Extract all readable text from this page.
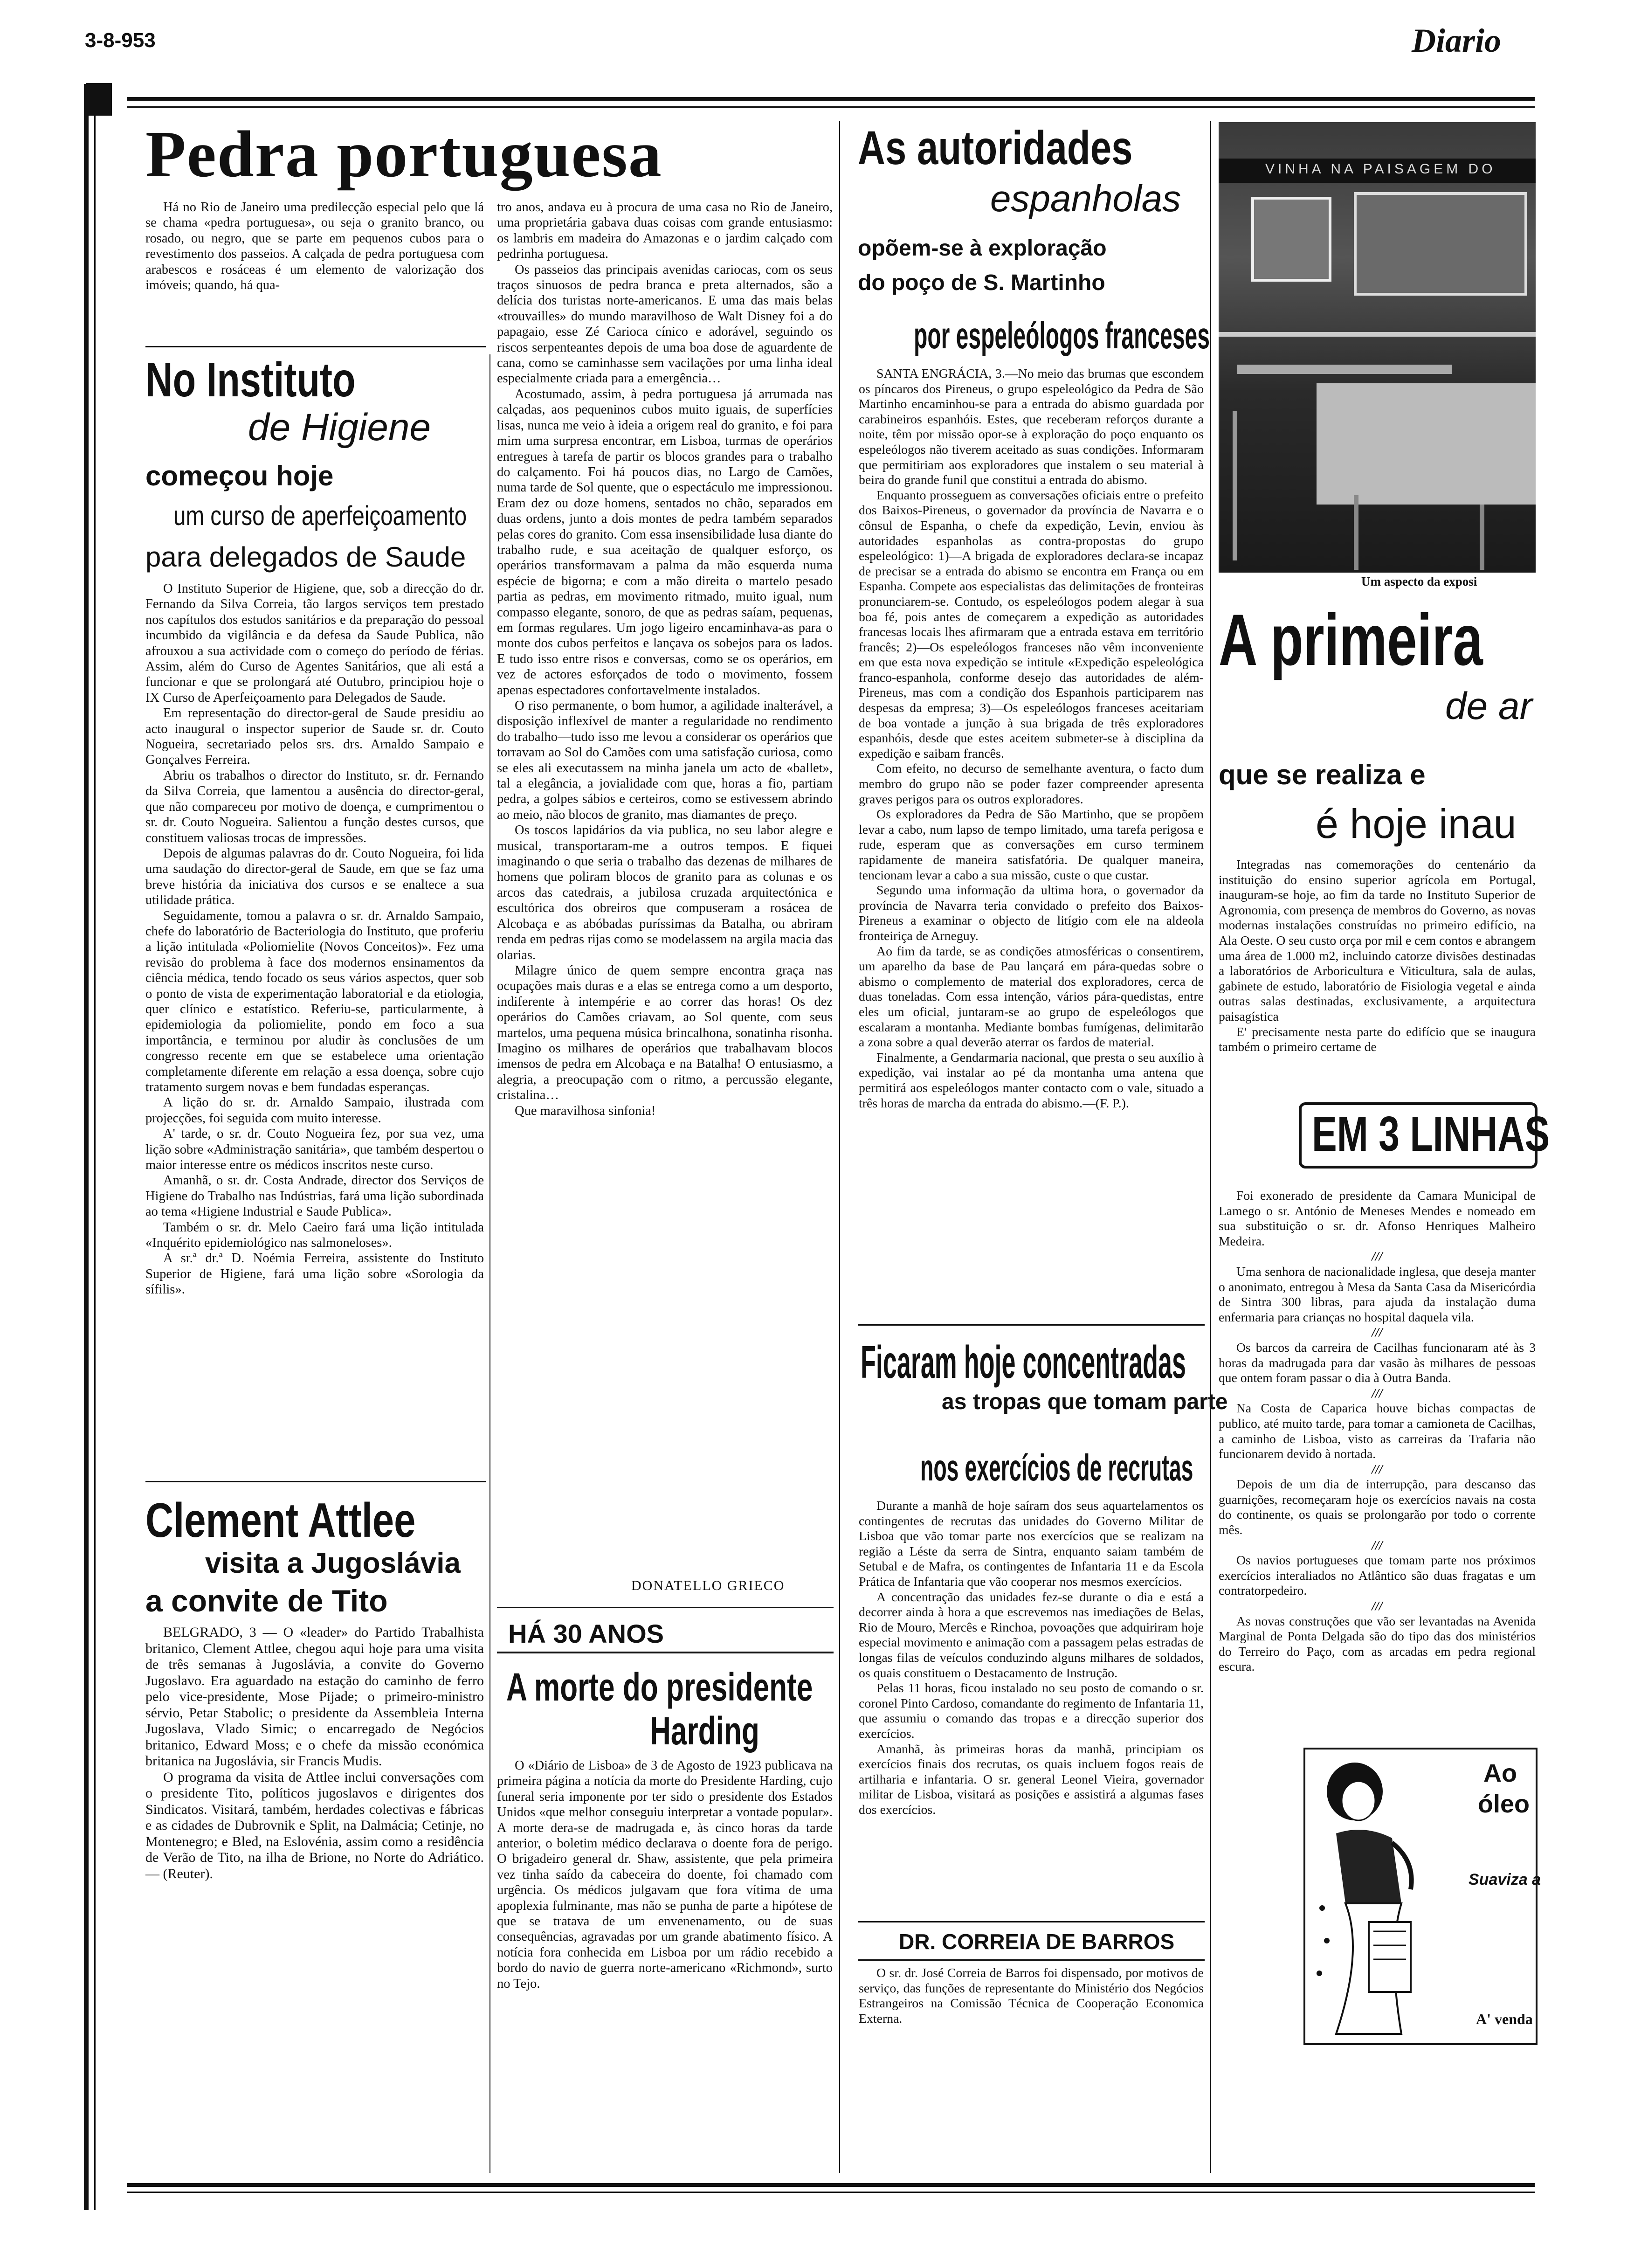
3-8-953	Diario
Pedra portuguesa

Há no Rio de Janeiro uma predilecção especial pelo que lá se chama «pedra portuguesa», ou seja o granito branco, ou rosado, ou negro, que se parte em pequenos cubos para o revestimento dos passeios. A calçada de pedra portuguesa com arabescos e rosáceas é um elemento de valorização dos imóveis; quando, há qua-

tro anos, andava eu à procura de uma casa no Rio de Janeiro, uma proprietária gabava duas coisas com grande entusiasmo: os lambris em madeira do Amazonas e o jardim calçado com pedrinha portuguesa.

Os passeios das principais avenidas cariocas, com os seus traços sinuosos de pedra branca e preta alternados, são a delícia dos turistas norte-americanos. E uma das mais belas «trouvailles» do mundo maravilhoso de Walt Disney foi a do papagaio, esse Zé Carioca cínico e adorável, seguindo os riscos serpenteantes depois de uma boa dose de aguardente de cana, como se caminhasse sem vacilações por uma linha ideal especialmente criada para a emergência…

Acostumado, assim, à pedra portuguesa já arrumada nas calçadas, aos pequeninos cubos muito iguais, de superfícies lisas, nunca me veio à ideia a origem real do granito, e foi para mim uma surpresa encontrar, em Lisboa, turmas de operários entregues à tarefa de partir os blocos grandes para o trabalho do calçamento. Foi há poucos dias, no Largo de Camões, numa tarde de Sol quente, que o espectáculo me impressionou. Eram dez ou doze homens, sentados no chão, separados em duas ordens, junto a dois montes de pedra também separados pelas cores do granito. Com essa insensibilidade lusa diante do trabalho rude, e sua aceitação de qualquer esforço, os operários transformavam a palma da mão esquerda numa espécie de bigorna; e com a mão direita o martelo pesado partia as pedras, em movimento ritmado, muito igual, num compasso elegante, sonoro, de que as pedras saíam, pequenas, em formas regulares. Um jogo ligeiro encaminhava-as para o monte dos cubos perfeitos e lançava os sobejos para os lados. E tudo isso entre risos e conversas, como se os operários, em vez de actores esforçados de todo o movimento, fossem apenas espectadores confortavelmente instalados.

O riso permanente, o bom humor, a agilidade inalterável, a disposição inflexível de manter a regularidade no rendimento do trabalho—tudo isso me levou a considerar os operários que torravam ao Sol do Camões com uma satisfação curiosa, como se eles ali executassem na minha janela um acto de «ballet», tal a elegância, a jovialidade com que, horas a fio, partiam pedra, a golpes sábios e certeiros, como se estivessem abrindo ao meio, não blocos de granito, mas diamantes de preço.

Os toscos lapidários da via publica, no seu labor alegre e musical, transportaram-me a outros tempos. E fiquei imaginando o que seria o trabalho das dezenas de milhares de homens que poliram blocos de granito para as colunas e os arcos das catedrais, a jubilosa cruzada arquitectónica e escultórica dos obreiros que compuseram a rosácea de Alcobaça e as abóbadas puríssimas da Batalha, ou abriram renda em pedras rijas como se modelassem na argila macia das olarias.

Milagre único de quem sempre encontra graça nas ocupações mais duras e a elas se entrega como a um desporto, indiferente à intempérie e ao correr das horas! Os dez operários do Camões criavam, ao Sol quente, com seus martelos, uma pequena música brincalhona, sonatinha risonha. Imagino os milhares de operários que trabalhavam blocos imensos de pedra em Alcobaça e na Batalha! O entusiasmo, a alegria, a preocupação com o ritmo, a percussão elegante, cristalina…

Que maravilhosa sinfonia!

DONATELLO GRIECO
No Instituto
de Higiene
começou hoje
um curso de aperfeiçoamento
para delegados de Saude

O Instituto Superior de Higiene, que, sob a direcção do dr. Fernando da Silva Correia, tão largos serviços tem prestado nos capítulos dos estudos sanitários e da preparação do pessoal incumbido da vigilância e da defesa da Saude Publica, não afrouxou a sua actividade com o começo do período de férias. Assim, além do Curso de Agentes Sanitários, que ali está a funcionar e que se prolongará até Outubro, principiou hoje o IX Curso de Aperfeiçoamento para Delegados de Saude.

Em representação do director-geral de Saude presidiu ao acto inaugural o inspector superior de Saude sr. dr. Couto Nogueira, secretariado pelos srs. drs. Arnaldo Sampaio e Gonçalves Ferreira.

Abriu os trabalhos o director do Instituto, sr. dr. Fernando da Silva Correia, que lamentou a ausência do director-geral, que não compareceu por motivo de doença, e cumprimentou o sr. dr. Couto Nogueira. Salientou a função destes cursos, que constituem valiosas trocas de impressões.

Depois de algumas palavras do dr. Couto Nogueira, foi lida uma saudação do director-geral de Saude, em que se faz uma breve história da iniciativa dos cursos e se enaltece a sua utilidade prática.

Seguidamente, tomou a palavra o sr. dr. Arnaldo Sampaio, chefe do laboratório de Bacteriologia do Instituto, que proferiu a lição intitulada «Poliomielite (Novos Conceitos)». Fez uma revisão do problema à face dos modernos ensinamentos da ciência médica, tendo focado os seus vários aspectos, quer sob o ponto de vista de experimentação laboratorial e da etiologia, quer clínico e estatístico. Referiu-se, particularmente, à epidemiologia da poliomielite, pondo em foco a sua importância, e terminou por aludir às conclusões de um congresso recente em que se estabelece uma orientação completamente diferente em relação a essa doença, sobre cujo tratamento surgem novas e bem fundadas esperanças.

A lição do sr. dr. Arnaldo Sampaio, ilustrada com projecções, foi seguida com muito interesse.

A' tarde, o sr. dr. Couto Nogueira fez, por sua vez, uma lição sobre «Administração sanitária», que também despertou o maior interesse entre os médicos inscritos neste curso.

Amanhã, o sr. dr. Costa Andrade, director dos Serviços de Higiene do Trabalho nas Indústrias, fará uma lição subordinada ao tema «Higiene Industrial e Saude Publica».

Também o sr. dr. Melo Caeiro fará uma lição intitulada «Inquérito epidemiológico nas salmoneloses».

A sr.ª dr.ª D. Noémia Ferreira, assistente do Instituto Superior de Higiene, fará uma lição sobre «Sorologia da sífilis».

Clement Attlee
visita a Jugoslávia
a convite de Tito

BELGRADO, 3 — O «leader» do Partido Trabalhista britanico, Clement Attlee, chegou aqui hoje para uma visita de três semanas à Jugoslávia, a convite do Governo Jugoslavo. Era aguardado na estação do caminho de ferro pelo vice-presidente, Mose Pijade; o primeiro-ministro sérvio, Petar Stabolic; o presidente da Assembleia Interna Jugoslava, Vlado Simic; o encarregado de Negócios britanico, Edward Moss; e o chefe da missão económica britanica na Jugoslávia, sir Francis Mudis.

O programa da visita de Attlee inclui conversações com o presidente Tito, políticos jugoslavos e dirigentes dos Sindicatos. Visitará, também, herdades colectivas e fábricas e as cidades de Dubrovnik e Split, na Dalmácia; Cetinje, no Montenegro; e Bled, na Eslovénia, assim como a residência de Verão de Tito, na ilha de Brione, no Norte do Adriático. — (Reuter).

HÁ 30 ANOS
A morte do presidente
Harding

O «Diário de Lisboa» de 3 de Agosto de 1923 publicava na primeira página a notícia da morte do Presidente Harding, cujo funeral seria imponente por ter sido o presidente dos Estados Unidos «que melhor conseguiu interpretar a vontade popular». A morte dera-se de madrugada e, às cinco horas da tarde anterior, o boletim médico declarava o doente fora de perigo. O brigadeiro general dr. Shaw, assistente, que pela primeira vez tinha saído da cabeceira do doente, foi chamado com urgência. Os médicos julgavam que fora vítima de uma apoplexia fulminante, mas não se punha de parte a hipótese de que se tratava de um envenenamento, ou de suas consequências, agravadas por um grande abatimento físico. A notícia fora conhecida em Lisboa por um rádio recebido a bordo do navio de guerra norte-americano «Richmond», surto no Tejo.

As autoridades
espanholas
opõem-se à exploração
do poço de S. Martinho
por espeleólogos franceses

SANTA ENGRÁCIA, 3.—No meio das brumas que escondem os píncaros dos Pireneus, o grupo espeleológico da Pedra de São Martinho encaminhou-se para a entrada do abismo guardada por carabineiros espanhóis. Estes, que receberam reforços durante a noite, têm por missão opor-se à exploração do poço enquanto os espeleólogos não tiverem aceitado as suas condições. Informaram que permitiriam aos exploradores que instalem o seu material à beira do grande funil que constitui a entrada do abismo.

Enquanto prosseguem as conversações oficiais entre o prefeito dos Baixos-Pireneus, o governador da província de Navarra e o cônsul de Espanha, o chefe da expedição, Levin, enviou às autoridades espanholas as contra-propostas do grupo espeleológico: 1)—A brigada de exploradores declara-se incapaz de precisar se a entrada do abismo se encontra em França ou em Espanha. Compete aos especialistas das delimitações de fronteiras pronunciarem-se. Contudo, os espeleólogos podem alegar à sua boa fé, pois antes de começarem a expedição as autoridades francesas locais lhes afirmaram que a entrada estava em território francês; 2)—Os espeleólogos franceses não vêm inconveniente em que esta nova expedição se intitule «Expedição espeleológica franco-espanhola, conforme desejo das autoridades de além-Pireneus, mas com a condição dos Espanhois participarem nas despesas da empresa; 3)—Os espeleólogos franceses aceitariam de boa vontade a junção à sua brigada de três exploradores espanhóis, desde que estes aceitem submeter-se à disciplina da expedição e saibam francês.

Com efeito, no decurso de semelhante aventura, o facto dum membro do grupo não se poder fazer compreender apresenta graves perigos para os outros exploradores.

Os exploradores da Pedra de São Martinho, que se propõem levar a cabo, num lapso de tempo limitado, uma tarefa perigosa e rude, esperam que as conversações em curso terminem rapidamente de maneira satisfatória. De qualquer maneira, tencionam levar a cabo a sua missão, custe o que custar.

Segundo uma informação da ultima hora, o governador da província de Navarra teria convidado o prefeito dos Baixos-Pireneus a examinar o objecto de litígio com ele na aldeola fronteiriça de Arneguy.

Ao fim da tarde, se as condições atmosféricas o consentirem, um aparelho da base de Pau lançará em pára-quedas sobre o abismo o complemento de material dos exploradores, cerca de duas toneladas. Com essa intenção, vários pára-quedistas, entre eles um oficial, juntaram-se ao grupo de espeleólogos que escalaram a montanha. Mediante bombas fumígenas, delimitarão a zona sobre a qual deverão aterrar os fardos de material.

Finalmente, a Gendarmaria nacional, que presta o seu auxílio à expedição, vai instalar ao pé da montanha uma antena que permitirá aos espeleólogos manter contacto com o vale, situado a três horas de marcha da entrada do abismo.—(F. P.).

Ficaram hoje concentradas
as tropas que tomam parte
nos exercícios de recrutas

Durante a manhã de hoje saíram dos seus aquartelamentos os contingentes de recrutas das unidades do Governo Militar de Lisboa que vão tomar parte nos exercícios que se realizam na região a Léste da serra de Sintra, enquanto saiam também de Setubal e de Mafra, os contingentes de Infantaria 11 e da Escola Prática de Infantaria que vão cooperar nos mesmos exercícios.

A concentração das unidades fez-se durante o dia e está a decorrer ainda à hora a que escrevemos nas imediações de Belas, Rio de Mouro, Mercês e Rinchoa, povoações que adquiriram hoje especial movimento e animação com a passagem pelas estradas de longas filas de veículos conduzindo alguns milhares de soldados, os quais constituem o Destacamento de Instrução.

Pelas 11 horas, ficou instalado no seu posto de comando o sr. coronel Pinto Cardoso, comandante do regimento de Infantaria 11, que assumiu o comando das tropas e a direcção superior dos exercícios.

Amanhã, às primeiras horas da manhã, principiam os exercícios finais dos recrutas, os quais incluem fogos reais de artilharia e infantaria. O sr. general Leonel Vieira, governador militar de Lisboa, visitará as posições e assistirá a algumas fases dos exercícios.

DR. CORREIA DE BARROS

O sr. dr. José Correia de Barros foi dispensado, por motivos de serviço, das funções de representante do Ministério dos Negócios Estrangeiros na Comissão Técnica de Cooperação Economica Externa.

VINHA NA PAISAGEM DO
Um aspecto da exposi
A primeira
de ar
que se realiza e
é hoje inau

Integradas nas comemorações do centenário da instituição do ensino superior agrícola em Portugal, inauguram-se hoje, ao fim da tarde no Instituto Superior de Agronomia, com presença de membros do Governo, as novas modernas instalações construídas no primeiro edifício, na Ala Oeste. O seu custo orça por mil e cem contos e abrangem uma área de 1.000 m2, incluindo catorze divisões destinadas a laboratórios de Arboricultura e Viticultura, sala de aulas, gabinete de estudo, laboratório de Fisiologia vegetal e ainda outras salas destinadas, exclusivamente, a arquitectura paisagística

E' precisamente nesta parte do edifício que se inaugura também o primeiro certame de

EM 3 LINHAS

Foi exonerado de presidente da Camara Municipal de Lamego o sr. António de Meneses Mendes e nomeado em sua substituição o sr. dr. Afonso Henriques Malheiro Medeira.

///

Uma senhora de nacionalidade inglesa, que deseja manter o anonimato, entregou à Mesa da Santa Casa da Misericórdia de Sintra 300 libras, para ajuda da instalação duma enfermaria para crianças no hospital daquela vila.

///

Os barcos da carreira de Cacilhas funcionaram até às 3 horas da madrugada para dar vasão às milhares de pessoas que ontem foram passar o dia à Outra Banda.

///

Na Costa de Caparica houve bichas compactas de publico, até muito tarde, para tomar a camioneta de Cacilhas, a caminho de Lisboa, visto as carreiras da Trafaria não funcionarem devido à nortada.

///

Depois de um dia de interrupção, para descanso das guarnições, recomeçaram hoje os exercícios navais na costa do continente, os quais se prolongarão por todo o corrente mês.

///

Os navios portugueses que tomam parte nos próximos exercícios interaliados no Atlântico são duas fragatas e um contratorpedeiro.

///

As novas construções que vão ser levantadas na Avenida Marginal de Ponta Delgada são do tipo das dos ministérios do Terreiro do Paço, com as arcadas em pedra regional escura.

Ao
óleo
Suaviza a
A' venda
